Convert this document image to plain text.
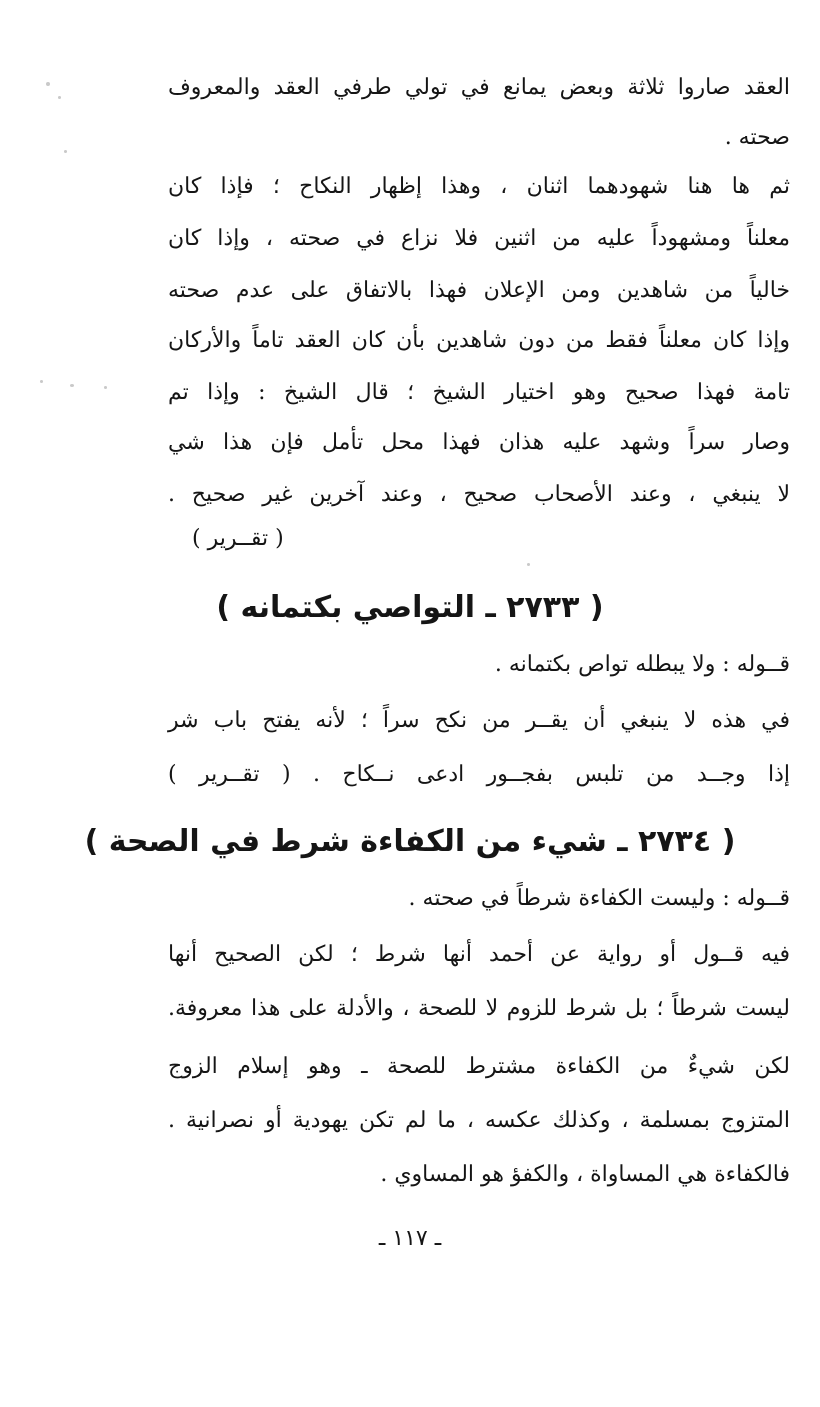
العقد صاروا ثلاثة وبعض يمانع في تولي طرفي العقد والمعروف
صحته .
ثم ها هنا شهودهما اثنان ، وهذا إظهار النكاح ؛ فإذا كان
معلناً ومشهوداً عليه من اثنين فلا نزاع في صحته ، وإذا كان
خالياً من شاهدين ومن الإعلان فهذا بالاتفاق على عدم صحته
وإذا كان معلناً فقط من دون شاهدين بأن كان العقد تاماً والأركان
تامة فهذا صحيح وهو اختيار الشيخ ؛ قال الشيخ : وإذا تم
وصار سراً وشهد عليه هذان فهذا محل تأمل فإن هذا شي
لا ينبغي ، وعند الأصحاب صحيح ، وعند آخرين غير صحيح .
( تقــرير )
( ٢٧٣٣ ـ التواصي بكتمانه )
قــوله : ولا يبطله تواص بكتمانه .
في هذه لا ينبغي أن يقــر من نكح سراً ؛ لأنه يفتح باب شر
إذا وجــد من تلبس بفجــور ادعى نــكاح . ( تقــرير )
( ٢٧٣٤ ـ شيء من الكفاءة شرط في الصحة )
قــوله : وليست الكفاءة شرطاً في صحته .
فيه قــول أو رواية عن أحمد أنها شرط ؛ لكن الصحيح أنها
ليست شرطاً ؛ بل شرط للزوم لا للصحة ، والأدلة على هذا معروفة.
لكن شيءٌ من الكفاءة مشترط للصحة ـ وهو إسلام الزوج
المتزوج بمسلمة ، وكذلك عكسه ، ما لم تكن يهودية أو نصرانية .
فالكفاءة هي المساواة ، والكفؤ هو المساوي .
ـ ١١٧ ـ
